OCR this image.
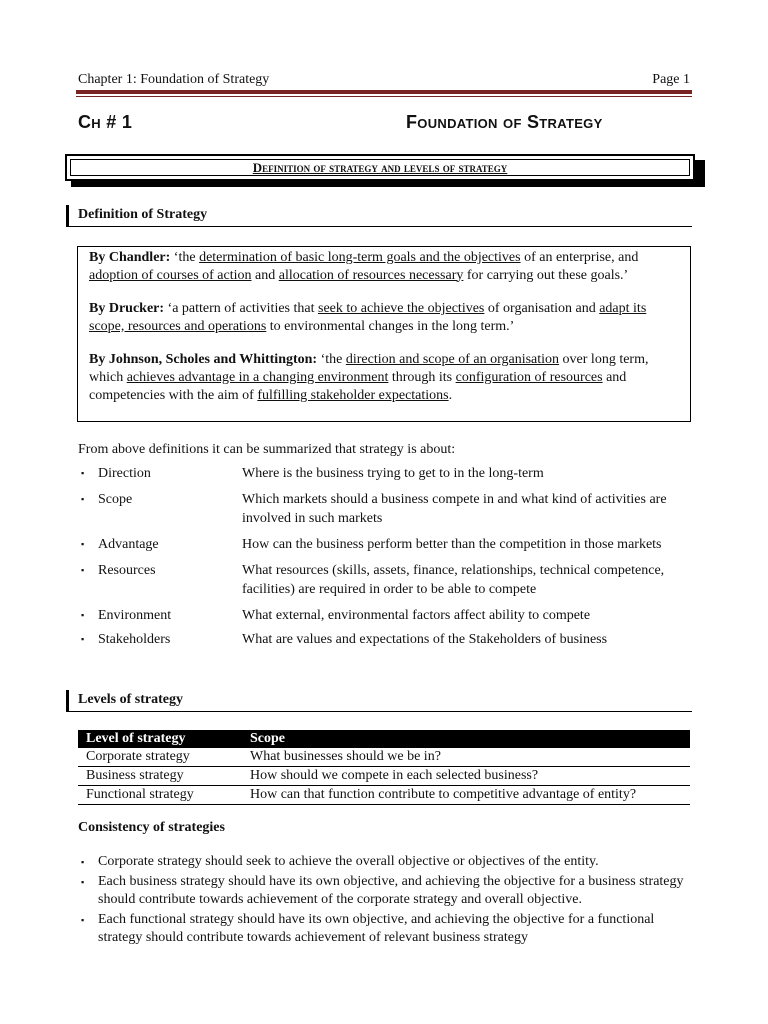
Chapter 1: Foundation of Strategy	Page 1
Ch # 1	Foundation of Strategy
Definition of strategy and levels of strategy
Definition of Strategy

By Chandler: ‘the determination of basic long-term goals and the objectives of an enterprise, and adoption of courses of action and allocation of resources necessary for carrying out these goals.’

By Drucker: ‘a pattern of activities that seek to achieve the objectives of organisation and adapt its scope, resources and operations to environmental changes in the long term.’

By Johnson, Scholes and Whittington: ‘the direction and scope of an organisation over long term, which achieves advantage in a changing environment through its configuration of resources and competencies with the aim of fulfilling stakeholder expectations.

From above definitions it can be summarized that strategy is about:
▪ Direction	Where is the business trying to get to in the long-term
▪ Scope	Which markets should a business compete in and what kind of activities are involved in such markets
▪ Advantage	How can the business perform better than the competition in those markets
▪ Resources	What resources (skills, assets, finance, relationships, technical competence, facilities) are required in order to be able to compete
▪ Environment	What external, environmental factors affect ability to compete
▪ Stakeholders	What are values and expectations of the Stakeholders of business
Levels of strategy
Level of strategy	Scope
Corporate strategy	What businesses should we be in?
Business strategy	How should we compete in each selected business?
Functional strategy	How can that function contribute to competitive advantage of entity?
Consistency of strategies
▪ Corporate strategy should seek to achieve the overall objective or objectives of the entity.
▪ Each business strategy should have its own objective, and achieving the objective for a business strategy should contribute towards achievement of the corporate strategy and overall objective.
▪ Each functional strategy should have its own objective, and achieving the objective for a functional strategy should contribute towards achievement of relevant business strategy
